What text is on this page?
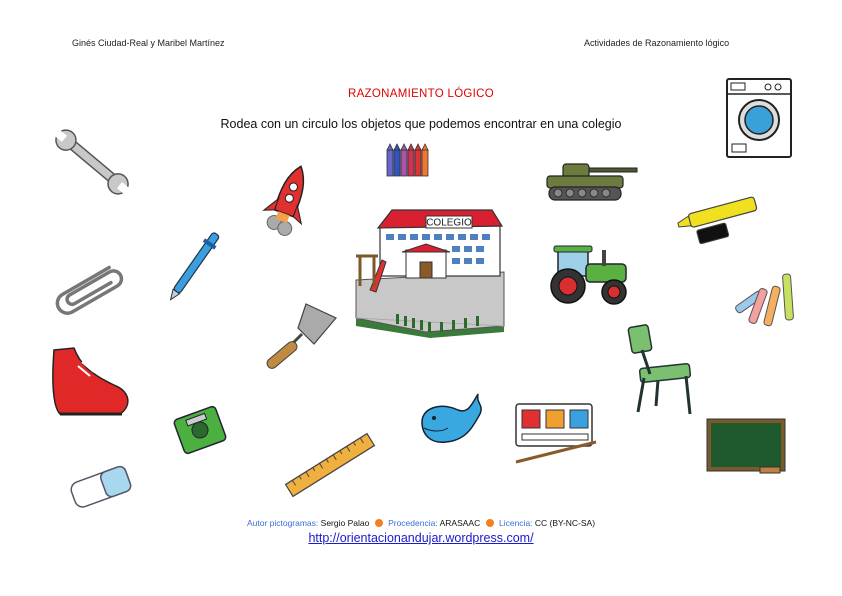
Ginés Ciudad-Real y Maribel Martínez	Actividades de Razonamiento lógico
RAZONAMIENTO LÓGICO
Rodea con un circulo los objetos que podemos encontrar en una colegio
COLEGIO
Autor pictogramas: Sergio Palao Procedencia: ARASAAC Licencia: CC (BY-NC-SA)
http://orientacionandujar.wordpress.com/
